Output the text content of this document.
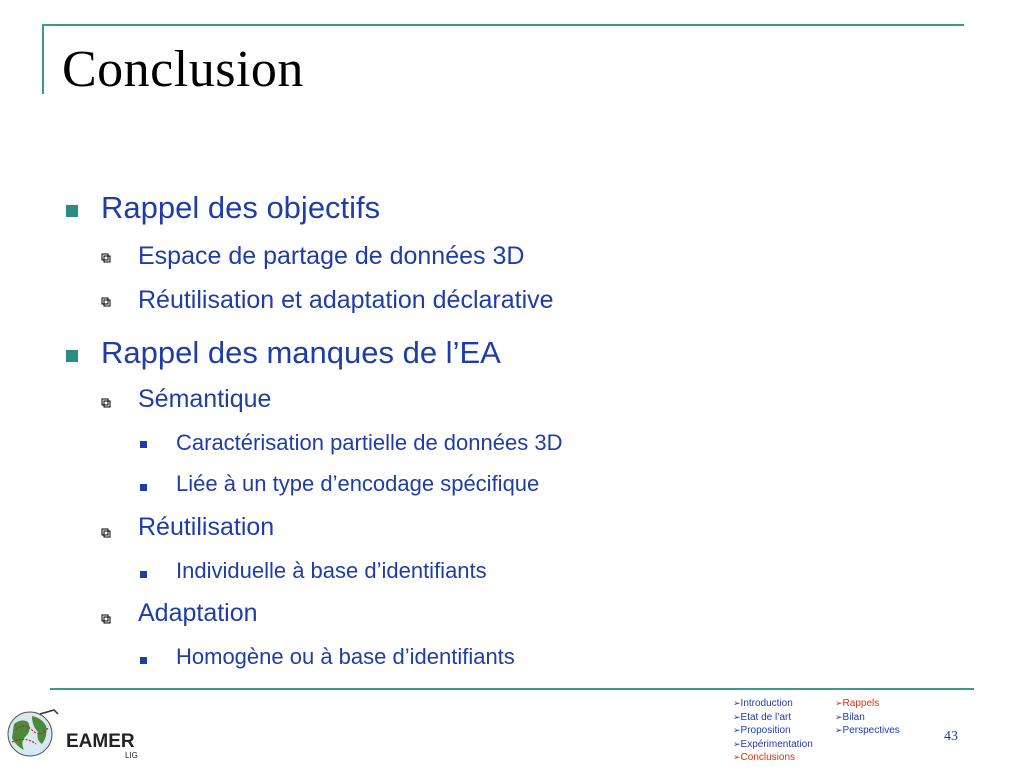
Conclusion
Rappel des objectifs
Espace de partage de données 3D
Réutilisation et adaptation déclarative
Rappel des manques de l’EA
Sémantique
Caractérisation partielle de données 3D
Liée à un type d’encodage spécifique
Réutilisation
Individuelle à base d’identifiants
Adaptation
Homogène ou à base d’identifiants
EAMER
LIG
➢Introduction
➢Etat de l’art
➢Proposition
➢Expérimentation
➢Conclusions
➢Rappels
➢Bilan
➢Perspectives	43
